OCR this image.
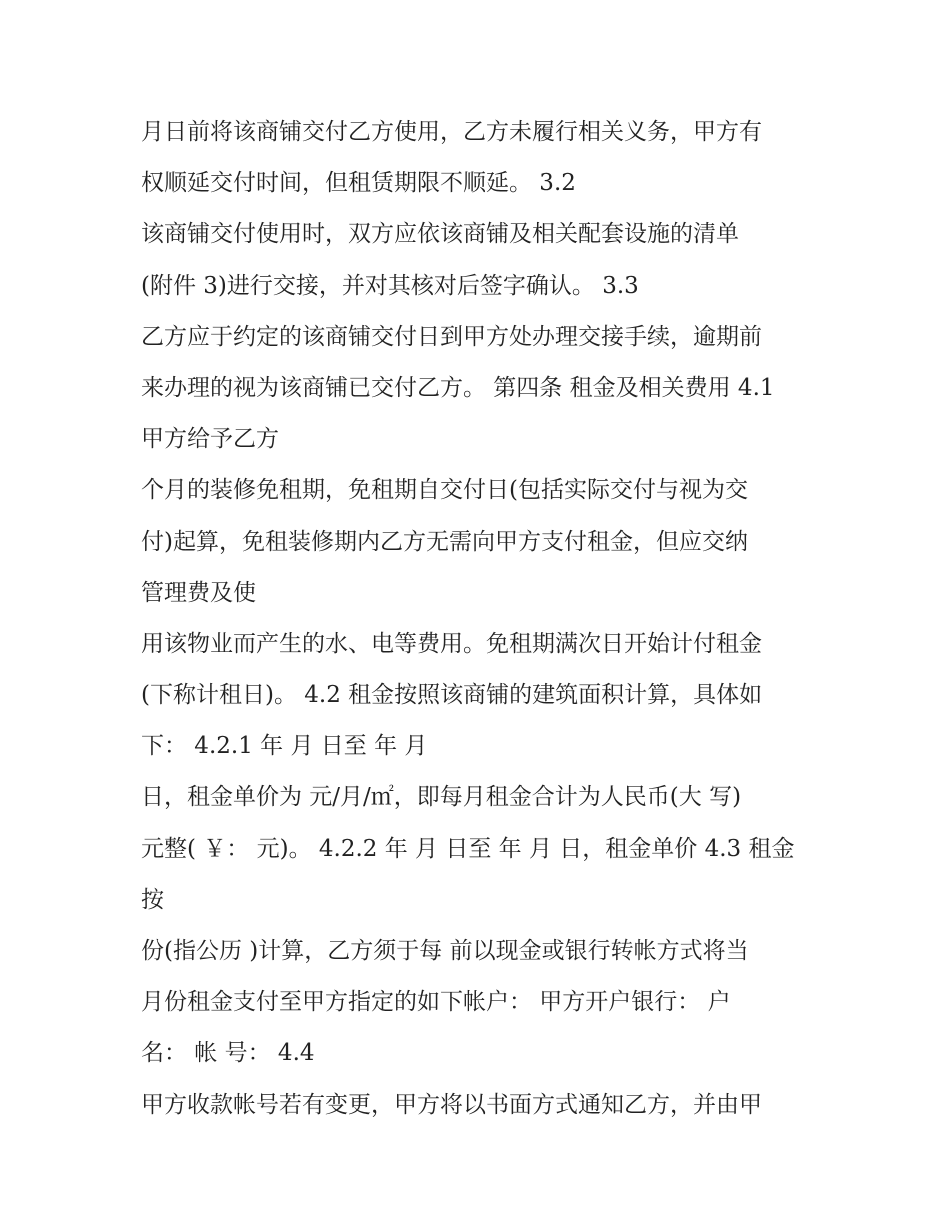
月日前将该商铺交付乙方使用，乙方未履行相关义务，甲方有
权顺延交付时间，但租赁期限不顺延。 3.2
该商铺交付使用时，双方应依该商铺及相关配套设施的清单
(附件 3)进行交接，并对其核对后签字确认。 3.3
乙方应于约定的该商铺交付日到甲方处办理交接手续，逾期前
来办理的视为该商铺已交付乙方。 第四条 租金及相关费用 4.1
甲方给予乙方
个月的装修免租期，免租期自交付日(包括实际交付与视为交
付)起算，免租装修期内乙方无需向甲方支付租金，但应交纳
管理费及使
用该物业而产生的水、电等费用。免租期满次日开始计付租金
(下称计租日)。 4.2 租金按照该商铺的建筑面积计算，具体如
下： 4.2.1 年 月 日至 年 月
日，租金单价为 元/月/㎡，即每月租金合计为人民币(大 写)
元整( ￥： 元)。 4.2.2 年 月 日至 年 月 日，租金单价 4.3 租金
按
份(指公历 )计算，乙方须于每 前以现金或银行转帐方式将当
月份租金支付至甲方指定的如下帐户： 甲方开户银行： 户
名： 帐 号： 4.4
甲方收款帐号若有变更，甲方将以书面方式通知乙方，并由甲
